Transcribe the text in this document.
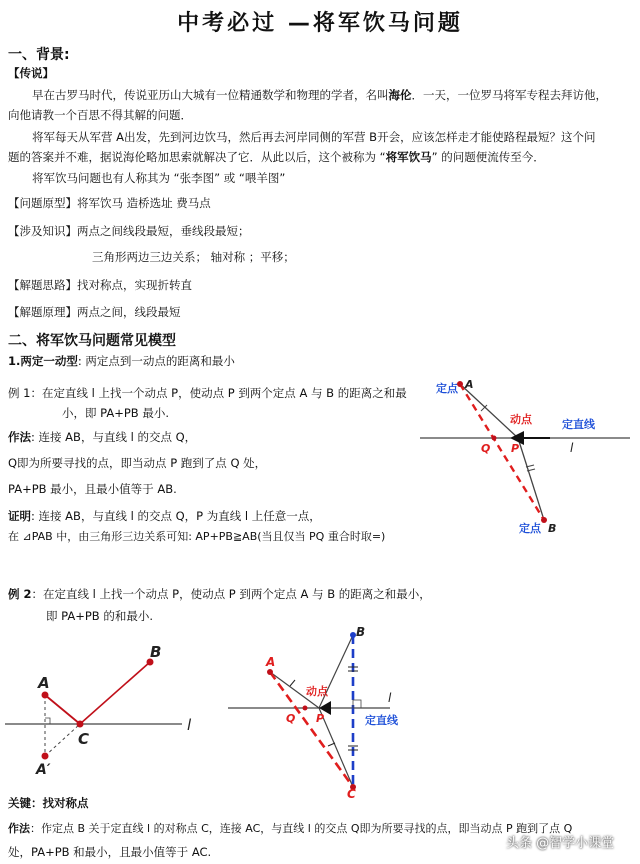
中考必过 —将军饮马问题
一、背景:
【传说】
早在古罗马时代，传说亚历山大城有一位精通数学和物理的学者，名叫海伦．一天，一位罗马将军专程去拜访他，
向他请教一个百思不得其解的问题．
将军每天从军营 A出发，先到河边饮马，然后再去河岸同侧的军营 B开会，应该怎样走才能使路程最短？这个问
题的答案并不难，据说海伦略加思索就解决了它．从此以后，这个被称为 “将军饮马” 的问题便流传至今．
将军饮马问题也有人称其为 “张李图” 或 “喂羊图”
【问题原型】将军饮马 造桥选址 费马点
【涉及知识】两点之间线段最短，垂线段最短；
三角形两边三边关系； 轴对称 ；平移；
【解题思路】找对称点，实现折转直
【解题原理】两点之间，线段最短
二、将军饮马问题常见模型
1.两定一动型: 两定点到一动点的距离和最小
例 1：在定直线 l 上找一个动点 P，使动点 P 到两个定点 A 与 B 的距离之和最
小，即 PA+PB 最小.
作法: 连接 AB，与直线 l 的交点 Q，
Q即为所要寻找的点，即当动点 P 跑到了点 Q 处，
PA+PB 最小，且最小值等于 AB.
证明: 连接 AB，与直线 l 的交点 Q，P 为直线 l 上任意一点，
在 ⊿PAB 中，由三角形三边关系可知: AP+PB≧AB(当且仅当 PQ 重合时取=)
例 2：在定直线 l 上找一个动点 P，使动点 P 到两个定点 A 与 B 的距离之和最小，
即 PA+PB 的和最小.
关键：找对称点
作法：作定点 B 关于定直线 l 的对称点 C，连接 AC，与直线 l 的交点 Q即为所要寻找的点，即当动点 P 跑到了点 Q
处，PA+PB 和最小，且最小值等于 AC.
定点 A
动点	定直线
Q P	l
定点 B
B
A
C
A′
l
B
A
动点
Q P
l
定直线
C
头条 @智学小课堂
